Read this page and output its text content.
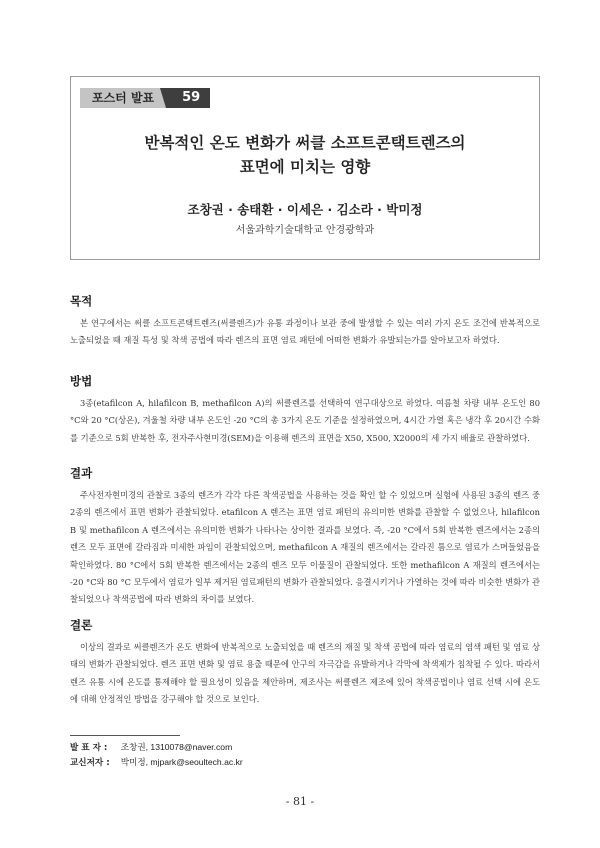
포스터 발표	59
반복적인 온도 변화가 써클 소프트콘택트렌즈의
표면에 미치는 영향
조창권 · 송태환 · 이세은 · 김소라 · 박미정
서울과학기술대학교 안경광학과
목적

본 연구에서는 써클 소프트콘택트렌즈(써클렌즈)가 유통 과정이나 보관 중에 발생할 수 있는 여러 가지 온도 조건에 반복적으로 노출되었을 때 재질 특성 및 착색 공법에 따라 렌즈의 표면 염료 패턴에 어떠한 변화가 유발되는가를 알아보고자 하였다.

방법

3종(etafilcon A, hilafilcon B, methafilcon A)의 써클렌즈를 선택하여 연구대상으로 하였다. 여름철 차량 내부 온도인 80 °C와 20 °C(상온), 겨울철 차량 내부 온도인 -20 °C의 총 3가지 온도 기준을 설정하였으며, 4시간 가열 혹은 냉각 후 20시간 수화를 기준으로 5회 반복한 후, 전자주사현미경(SEM)을 이용해 렌즈의 표면을 X50, X500, X2000의 세 가지 배율로 관찰하였다.

결과

주사전자현미경의 관찰로 3종의 렌즈가 각각 다른 착색공법을 사용하는 것을 확인 할 수 있었으며 실험에 사용된 3종의 렌즈 중 2종의 렌즈에서 표면 변화가 관찰되었다. etafilcon A 렌즈는 표면 염료 패턴의 유의미한 변화를 관찰할 수 없었으나, hilafilcon B 및 methafilcon A 렌즈에서는 유의미한 변화가 나타나는 상이한 결과를 보였다. 즉, -20 °C에서 5회 반복한 렌즈에서는 2종의 렌즈 모두 표면에 갈라짐과 미세한 파임이 관찰되었으며, methafilcon A 재질의 렌즈에서는 갈라진 틈으로 염료가 스며들었음을 확인하였다. 80 °C에서 5회 반복한 렌즈에서는 2종의 렌즈 모두 이물질이 관찰되었다. 또한 methafilcon A 재질의 렌즈에서는 -20 °C와 80 °C 모두에서 염료가 일부 제거된 염료패턴의 변화가 관찰되었다. 응결시키거나 가열하는 것에 따라 비슷한 변화가 관찰되었으나 착색공법에 따라 변화의 차이를 보였다.

결론

이상의 결과로 써클렌즈가 온도 변화에 반복적으로 노출되었을 때 렌즈의 재질 및 착색 공법에 따라 염료의 염색 패턴 및 염료 상태의 변화가 관찰되었다. 렌즈 표면 변화 및 염료 용출 때문에 안구의 자극감을 유발하거나 각막에 착색제가 침착될 수 있다. 따라서 렌즈 유통 시에 온도를 통제해야 할 필요성이 있음을 제안하며, 제조사는 써클렌즈 제조에 있어 착색공법이나 염료 선택 시에 온도에 대해 안정적인 방법을 강구해야 할 것으로 보인다.

발 표 자 : 조창권, 1310078@naver.com
교신저자 : 박미정, mjpark@seoultech.ac.kr
- 81 -
